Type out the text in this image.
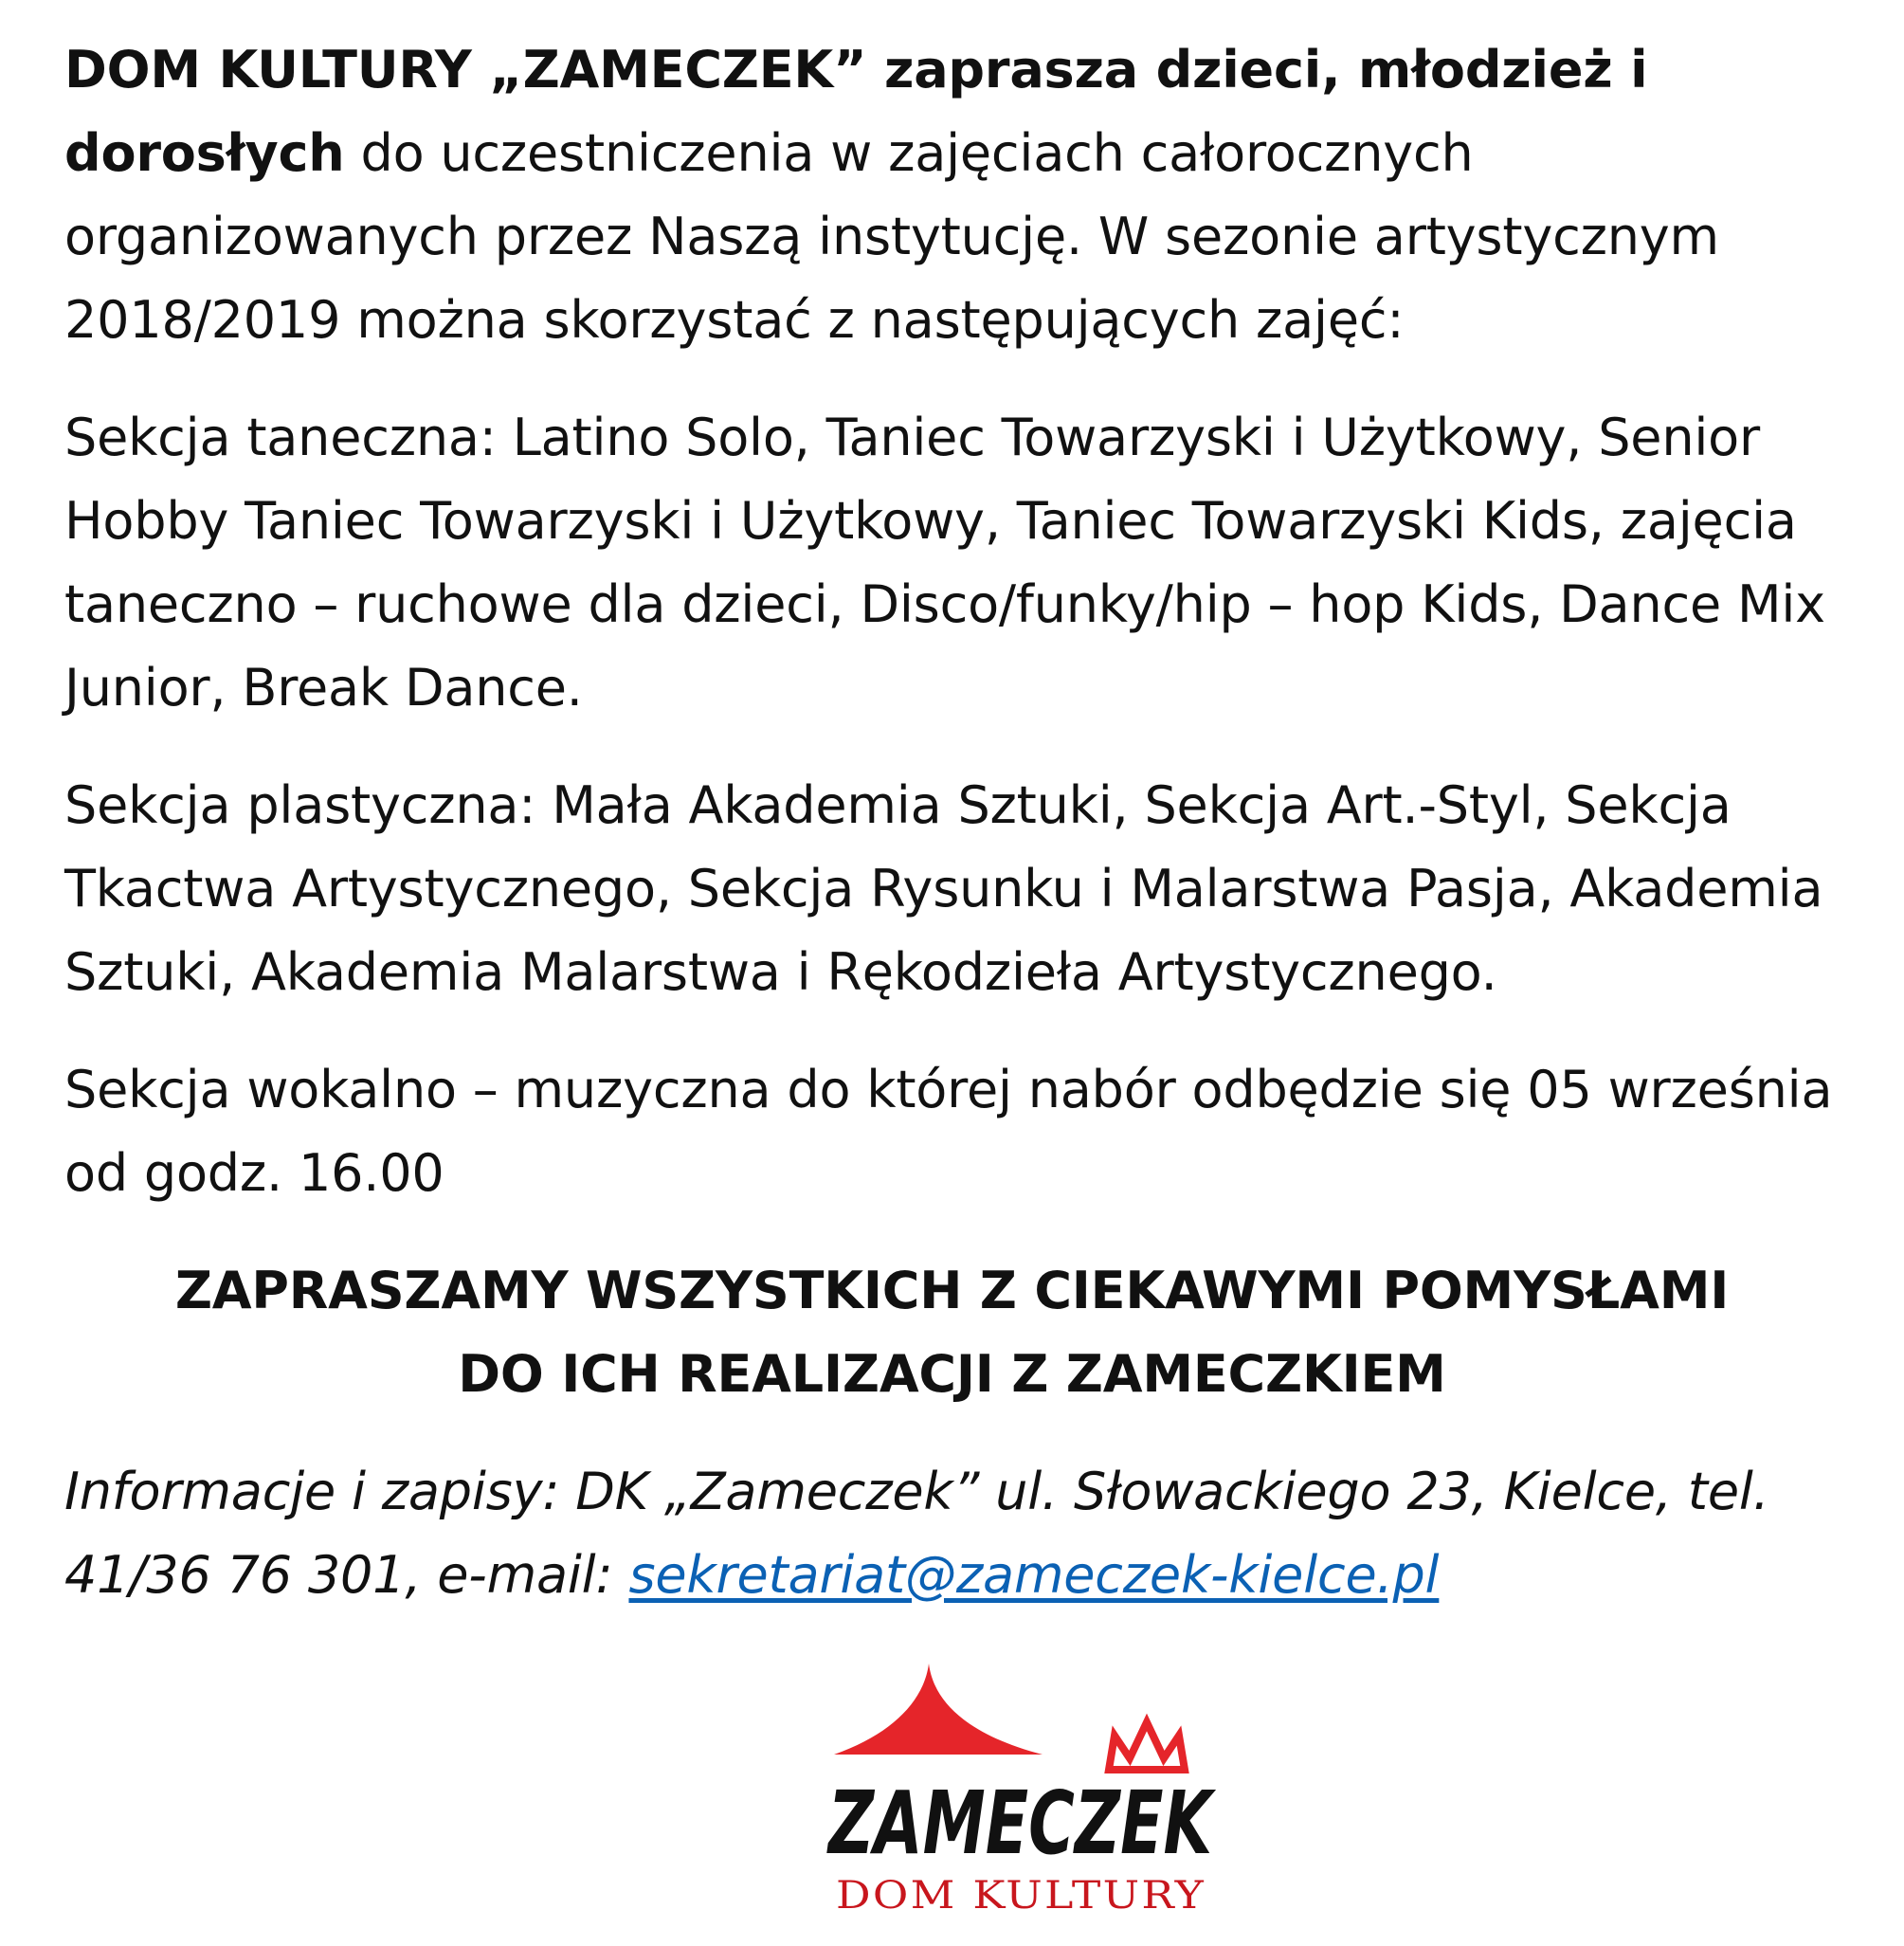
DOM KULTURY „ZAMECZEK” zaprasza dzieci, młodzież i dorosłych do uczestniczenia w zajęciach całorocznych organizowanych przez Naszą instytucję. W sezonie artystycznym 2018/2019 można skorzystać z następujących zajęć:

Sekcja taneczna: Latino Solo, Taniec Towarzyski i Użytkowy, Senior Hobby Taniec Towarzyski i Użytkowy, Taniec Towarzyski Kids, zajęcia taneczno – ruchowe dla dzieci, Disco/funky/hip – hop Kids, Dance Mix Junior, Break Dance.

Sekcja plastyczna: Mała Akademia Sztuki, Sekcja Art.-Styl, Sekcja Tkactwa Artystycznego, Sekcja Rysunku i Malarstwa Pasja, Akademia Sztuki, Akademia Malarstwa i Rękodzieła Artystycznego.

Sekcja wokalno – muzyczna do której nabór odbędzie się 05 września od godz. 16.00

ZAPRASZAMY WSZYSTKICH Z CIEKAWYMI POMYSŁAMI
DO ICH REALIZACJI Z ZAMECZKIEM

Informacje i zapisy: DK „Zameczek” ul. Słowackiego 23, Kielce, tel. 41/36 76 301, e-mail: sekretariat@zameczek-kielce.pl

ZAMECZEK
DOM KULTURY
